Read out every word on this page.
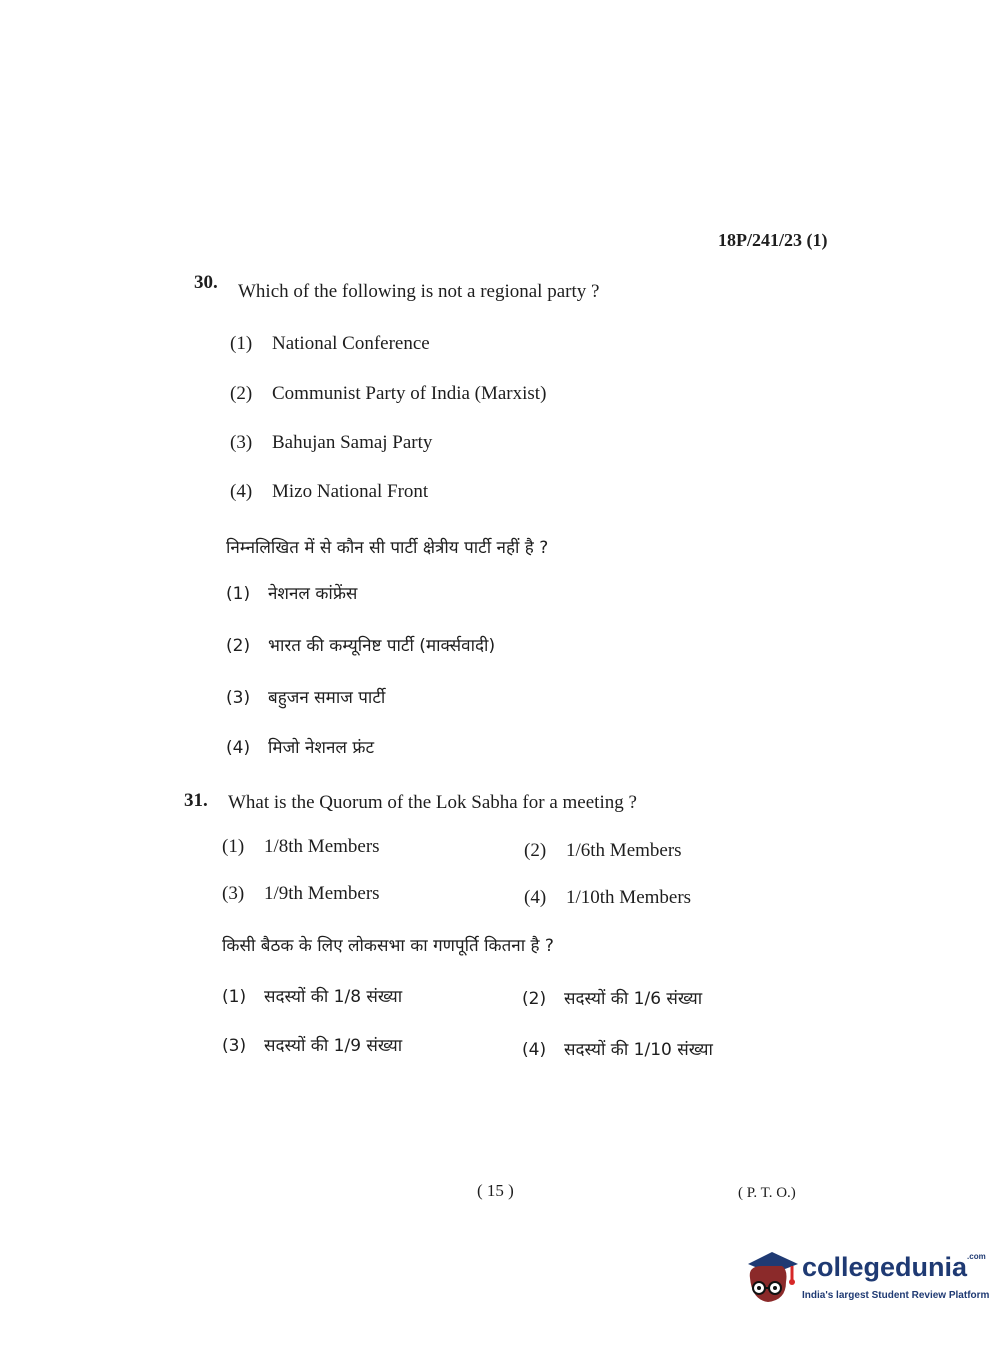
18P/241/23 (1)
30. Which of the following is not a regional party ?
(1) National Conference
(2) Communist Party of India (Marxist)
(3) Bahujan Samaj Party
(4) Mizo National Front
निम्नलिखित में से कौन सी पार्टी क्षेत्रीय पार्टी नहीं है ?
(1) नेशनल कांफ्रेंस
(2) भारत की कम्यूनिष्ट पार्टी (मार्क्सवादी)
(3) बहुजन समाज पार्टी
(4) मिजो नेशनल फ्रंट
31. What is the Quorum of the Lok Sabha for a meeting ?
(1) 1/8th Members	(2) 1/6th Members
(3) 1/9th Members	(4) 1/10th Members
किसी बैठक के लिए लोकसभा का गणपूर्ति कितना है ?
(1) सदस्यों की 1/8 संख्या	(2) सदस्यों की 1/6 संख्या
(3) सदस्यों की 1/9 संख्या	(4) सदस्यों की 1/10 संख्या
( 15 )	( P. T. O.)
collegedunia$^{.com}$
India's largest Student Review Platform
